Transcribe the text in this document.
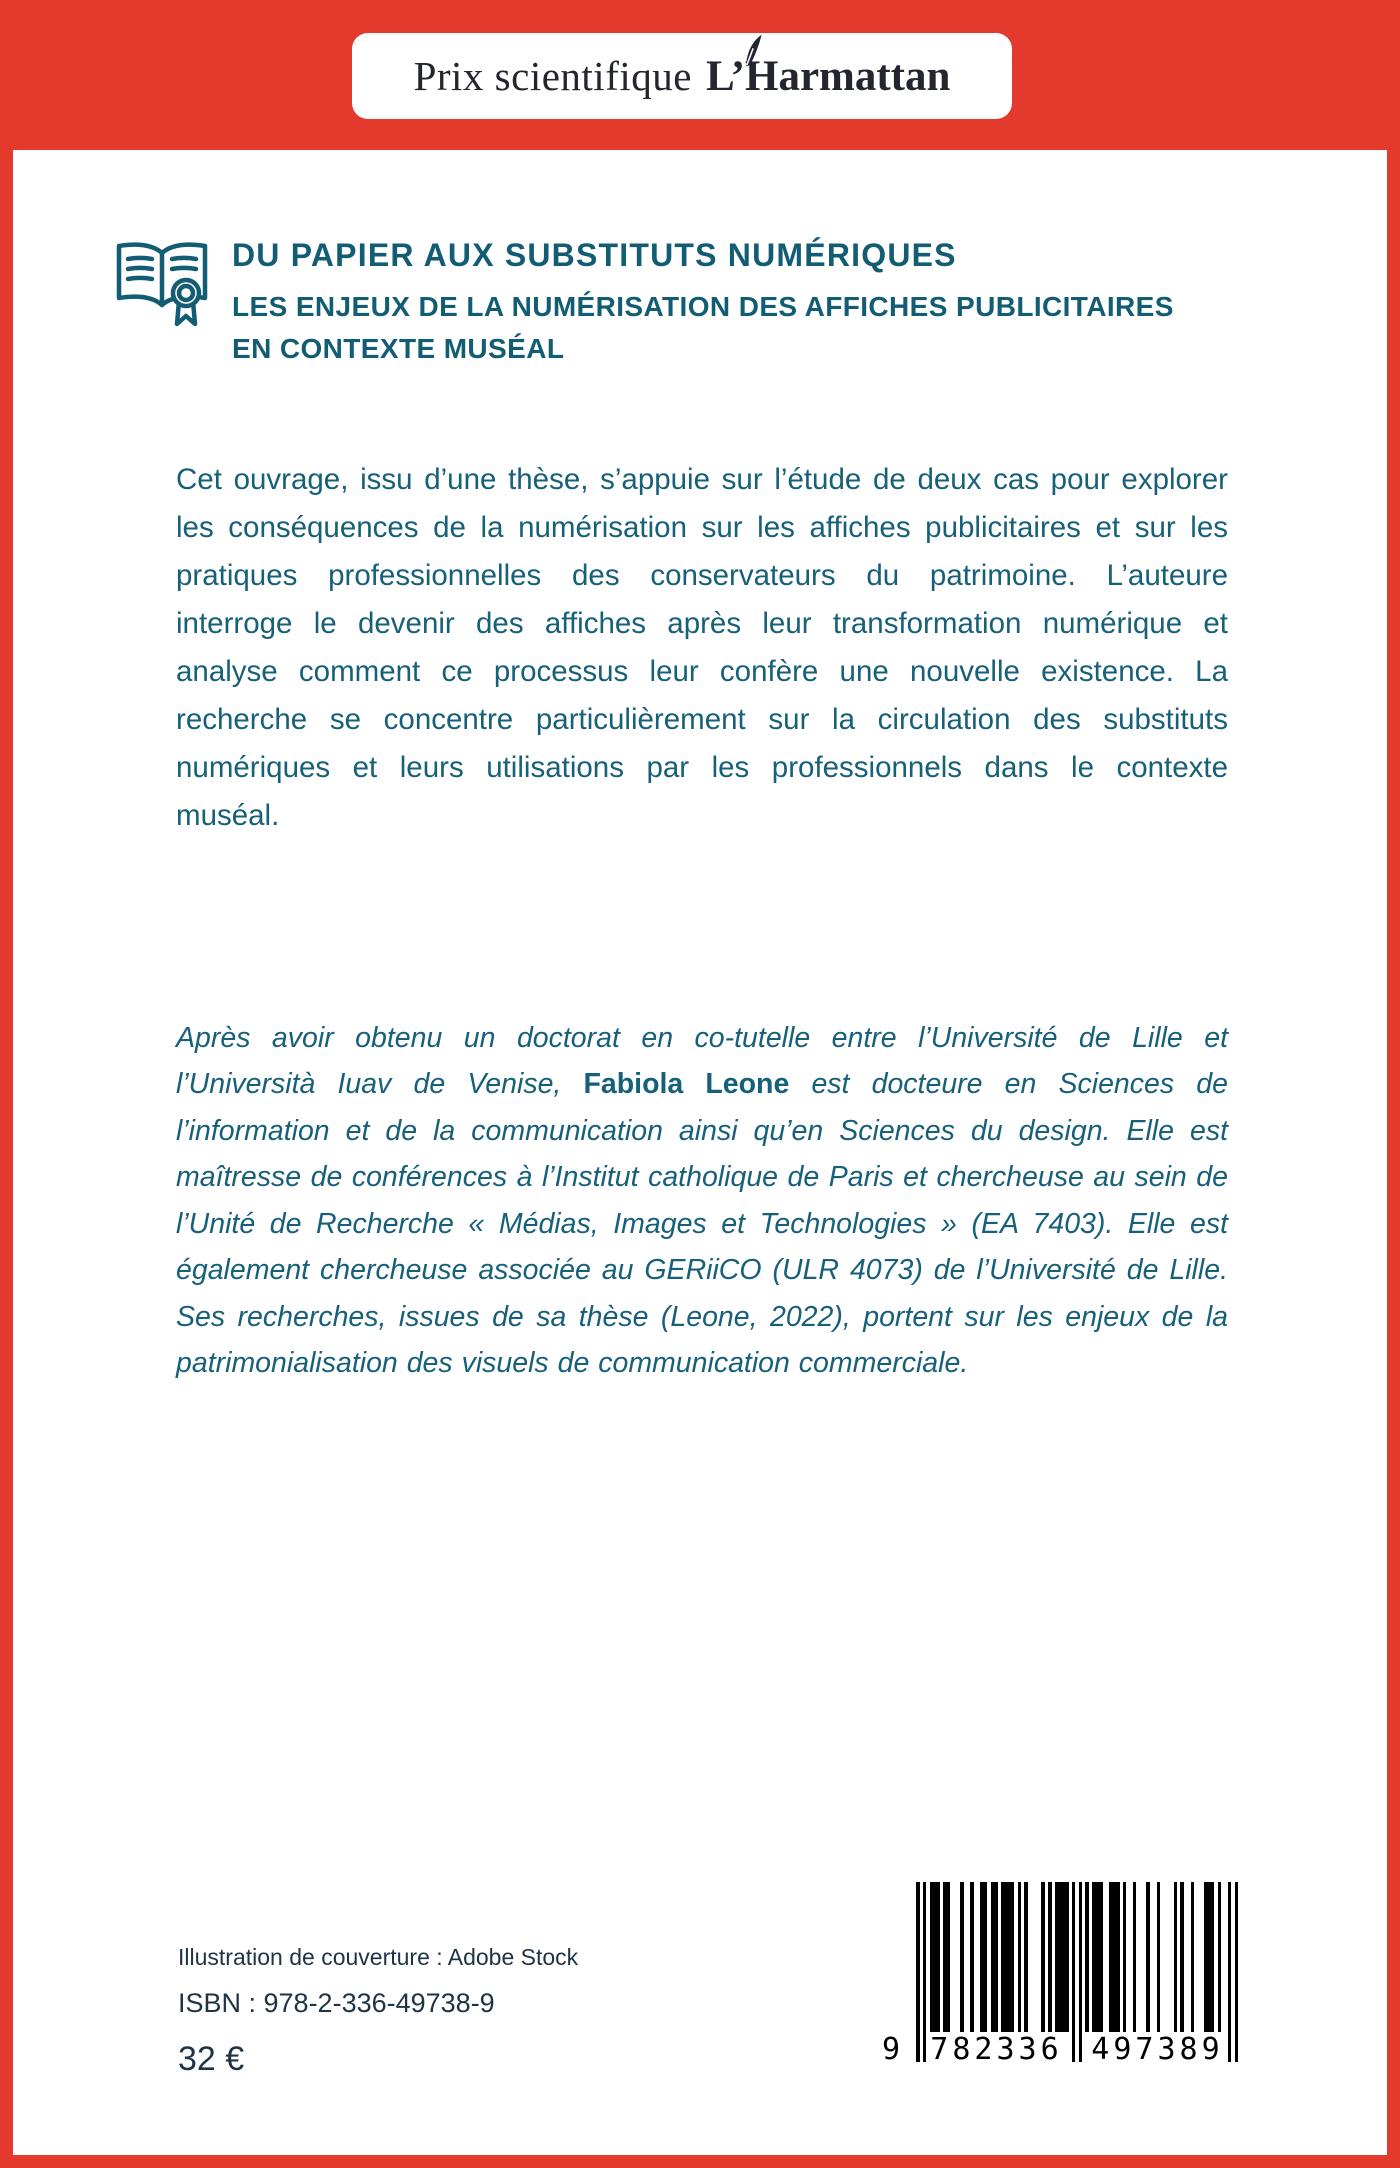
Prix scientifique L’Harmattan
DU PAPIER AUX SUBSTITUTS NUMÉRIQUES
LES ENJEUX DE LA NUMÉRISATION DES AFFICHES PUBLICITAIRES
EN CONTEXTE MUSÉAL

Cet ouvrage, issu d’une thèse, s’appuie sur l’étude de deux cas pour explorer les conséquences de la numérisation sur les affiches publicitaires et sur les pratiques professionnelles des conservateurs du patrimoine. L’auteure interroge le devenir des affiches après leur transformation numérique et analyse comment ce processus leur confère une nouvelle existence. La recherche se concentre particulièrement sur la circulation des substituts numériques et leurs utilisations par les professionnels dans le contexte muséal.

Après avoir obtenu un doctorat en co-tutelle entre l’Université de Lille et l’Università Iuav de Venise, Fabiola Leone est docteure en Sciences de l’information et de la communication ainsi qu’en Sciences du design. Elle est maîtresse de conférences à l’Institut catholique de Paris et chercheuse au sein de l’Unité de Recherche « Médias, Images et Technologies » (EA 7403). Elle est également chercheuse associée au GERiiCO (ULR 4073) de l’Université de Lille. Ses recherches, issues de sa thèse (Leone, 2022), portent sur les enjeux de la patrimonialisation des visuels de communication commerciale.

Illustration de couverture : Adobe Stock
ISBN : 978-2-336-49738-9
32 €	9 782336 497389
